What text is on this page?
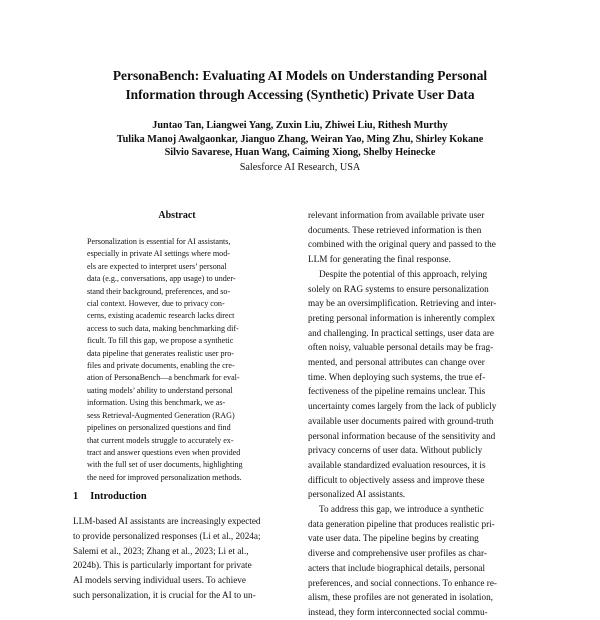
PersonaBench: Evaluating AI Models on Understanding Personal
Information through Accessing (Synthetic) Private User Data
Juntao Tan, Liangwei Yang, Zuxin Liu, Zhiwei Liu, Rithesh Murthy
Tulika Manoj Awalgaonkar, Jianguo Zhang, Weiran Yao, Ming Zhu, Shirley Kokane
Silvio Savarese, Huan Wang, Caiming Xiong, Shelby Heinecke
Salesforce AI Research, USA
Abstract
Personalization is essential for AI assistants,
especially in private AI settings where mod-
els are expected to interpret users’ personal
data (e.g., conversations, app usage) to under-
stand their background, preferences, and so-
cial context. However, due to privacy con-
cerns, existing academic research lacks direct
access to such data, making benchmarking dif-
ficult. To fill this gap, we propose a synthetic
data pipeline that generates realistic user pro-
files and private documents, enabling the cre-
ation of PersonaBench—a benchmark for eval-
uating models’ ability to understand personal
information. Using this benchmark, we as-
sess Retrieval-Augmented Generation (RAG)
pipelines on personalized questions and find
that current models struggle to accurately ex-
tract and answer questions even when provided
with the full set of user documents, highlighting
the need for improved personalization methods.
1 Introduction
LLM-based AI assistants are increasingly expected
to provide personalized responses (Li et al., 2024a;
Salemi et al., 2023; Zhang et al., 2023; Li et al.,
2024b). This is particularly important for private
AI models serving individual users. To achieve
such personalization, it is crucial for the AI to un-
relevant information from available private user
documents. These retrieved information is then
combined with the original query and passed to the
LLM for generating the final response.
Despite the potential of this approach, relying
solely on RAG systems to ensure personalization
may be an oversimplification. Retrieving and inter-
preting personal information is inherently complex
and challenging. In practical settings, user data are
often noisy, valuable personal details may be frag-
mented, and personal attributes can change over
time. When deploying such systems, the true ef-
fectiveness of the pipeline remains unclear. This
uncertainty comes largely from the lack of publicly
available user documents paired with ground-truth
personal information because of the sensitivity and
privacy concerns of user data. Without publicly
available standardized evaluation resources, it is
difficult to objectively assess and improve these
personalized AI assistants.
To address this gap, we introduce a synthetic
data generation pipeline that produces realistic pri-
vate user data. The pipeline begins by creating
diverse and comprehensive user profiles as char-
acters that include biographical details, personal
preferences, and social connections. To enhance re-
alism, these profiles are not generated in isolation,
instead, they form interconnected social commu-
